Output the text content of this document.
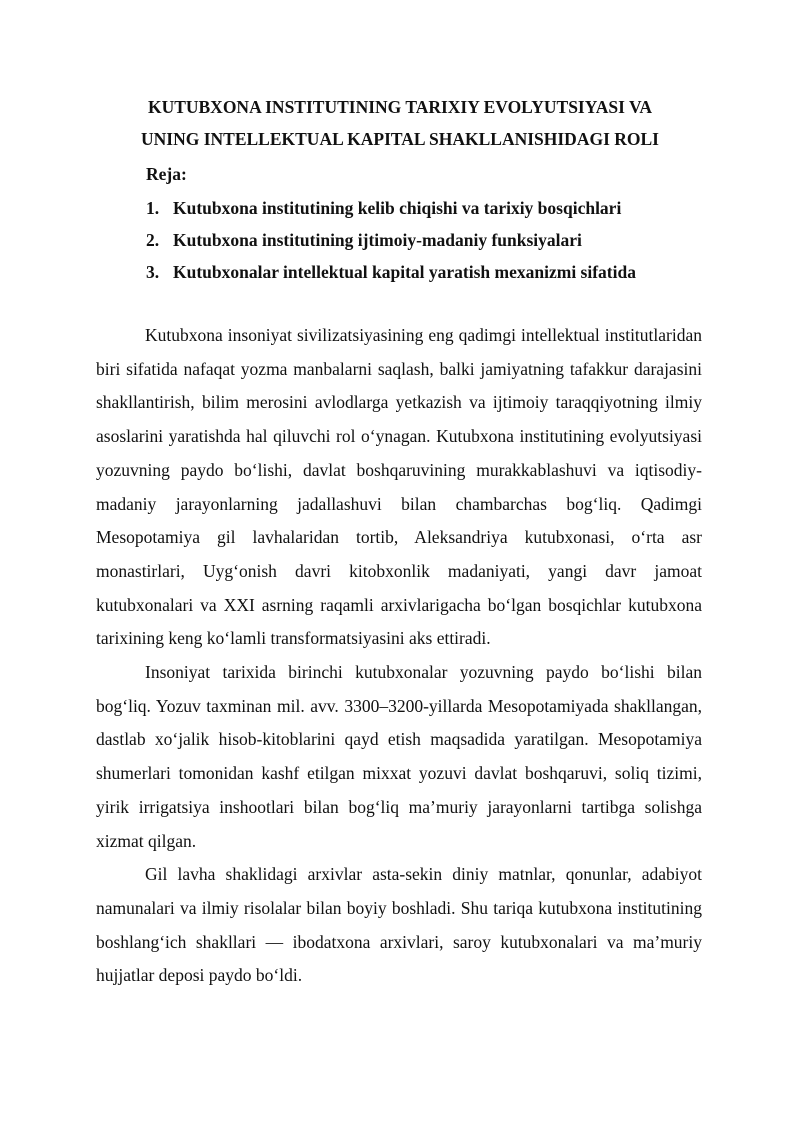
KUTUBXONA INSTITUTINING TARIXIY EVOLYUTSIYASI VA
UNING INTELLEKTUAL KAPITAL SHAKLLANISHIDAGI ROLI

Reja:

1. Kutubxona institutining kelib chiqishi va tarixiy bosqichlari
2. Kutubxona institutining ijtimoiy-madaniy funksiyalari
3. Kutubxonalar intellektual kapital yaratish mexanizmi sifatida

Kutubxona insoniyat sivilizatsiyasining eng qadimgi intellektual institutlaridan biri sifatida nafaqat yozma manbalarni saqlash, balki jamiyatning tafakkur darajasini shakllantirish, bilim merosini avlodlarga yetkazish va ijtimoiy taraqqiyotning ilmiy asoslarini yaratishda hal qiluvchi rol o‘ynagan. Kutubxona institutining evolyutsiyasi yozuvning paydo bo‘lishi, davlat boshqaruvining murakkablashuvi va iqtisodiy-madaniy jarayonlarning jadallashuvi bilan chambarchas bog‘liq. Qadimgi Mesopotamiya gil lavhalaridan tortib, Aleksandriya kutubxonasi, o‘rta asr monastirlari, Uyg‘onish davri kitobxonlik madaniyati, yangi davr jamoat kutubxonalari va XXI asrning raqamli arxivlarigacha bo‘lgan bosqichlar kutubxona tarixining keng ko‘lamli transformatsiyasini aks ettiradi.

Insoniyat tarixida birinchi kutubxonalar yozuvning paydo bo‘lishi bilan bog‘liq. Yozuv taxminan mil. avv. 3300–3200-yillarda Mesopotamiyada shakllangan, dastlab xo‘jalik hisob-kitoblarini qayd etish maqsadida yaratilgan. Mesopotamiya shumerlari tomonidan kashf etilgan mixxat yozuvi davlat boshqaruvi, soliq tizimi, yirik irrigatsiya inshootlari bilan bog‘liq ma’muriy jarayonlarni tartibga solishga xizmat qilgan.

Gil lavha shaklidagi arxivlar asta-sekin diniy matnlar, qonunlar, adabiyot namunalari va ilmiy risolalar bilan boyiy boshladi. Shu tariqa kutubxona institutining boshlang‘ich shakllari — ibodatxona arxivlari, saroy kutubxonalari va ma’muriy hujjatlar deposi paydo bo‘ldi.
